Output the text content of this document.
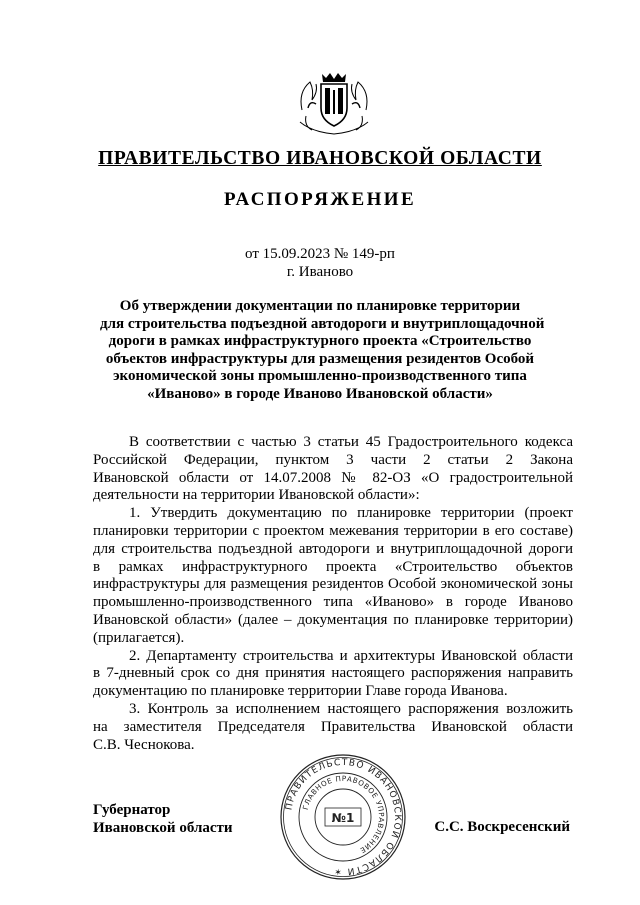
ПРАВИТЕЛЬСТВО ИВАНОВСКОЙ ОБЛАСТИ
РАСПОРЯЖЕНИЕ
от 15.09.2023 № 149-рп
г. Иваново
Об утверждении документации по планировке территории
для строительства подъездной автодороги и внутриплощадочной
дороги в рамках инфраструктурного проекта «Строительство
объектов инфраструктуры для размещения резидентов Особой
экономической зоны промышленно-производственного типа
«Иваново» в городе Иваново Ивановской области»
В соответствии с частью 3 статьи 45 Градостроительного кодекса
Российской Федерации, пунктом 3 части 2 статьи 2 Закона
Ивановской области от 14.07.2008 № 82-ОЗ «О градостроительной
деятельности на территории Ивановской области»:
1. Утвердить документацию по планировке территории (проект
планировки территории с проектом межевания территории в его составе)
для строительства подъездной автодороги и внутриплощадочной дороги
в рамках инфраструктурного проекта «Строительство объектов
инфраструктуры для размещения резидентов Особой экономической зоны
промышленно-производственного типа «Иваново» в городе Иваново
Ивановской области» (далее – документация по планировке территории)
(прилагается).
2. Департаменту строительства и архитектуры Ивановской области
в 7-дневный срок со дня принятия настоящего распоряжения направить
документацию по планировке территории Главе города Иванова.
3. Контроль за исполнением настоящего распоряжения возложить
на заместителя Председателя Правительства Ивановской области
С.В. Чеснокова.
Губернатор
Ивановской области	С.С. Воскресенский
ПРАВИТЕЛЬСТВО ИВАНОВСКОЙ ОБЛАСТИ ✶
ГЛАВНОЕ ПРАВОВОЕ УПРАВЛЕНИЕ
№1
